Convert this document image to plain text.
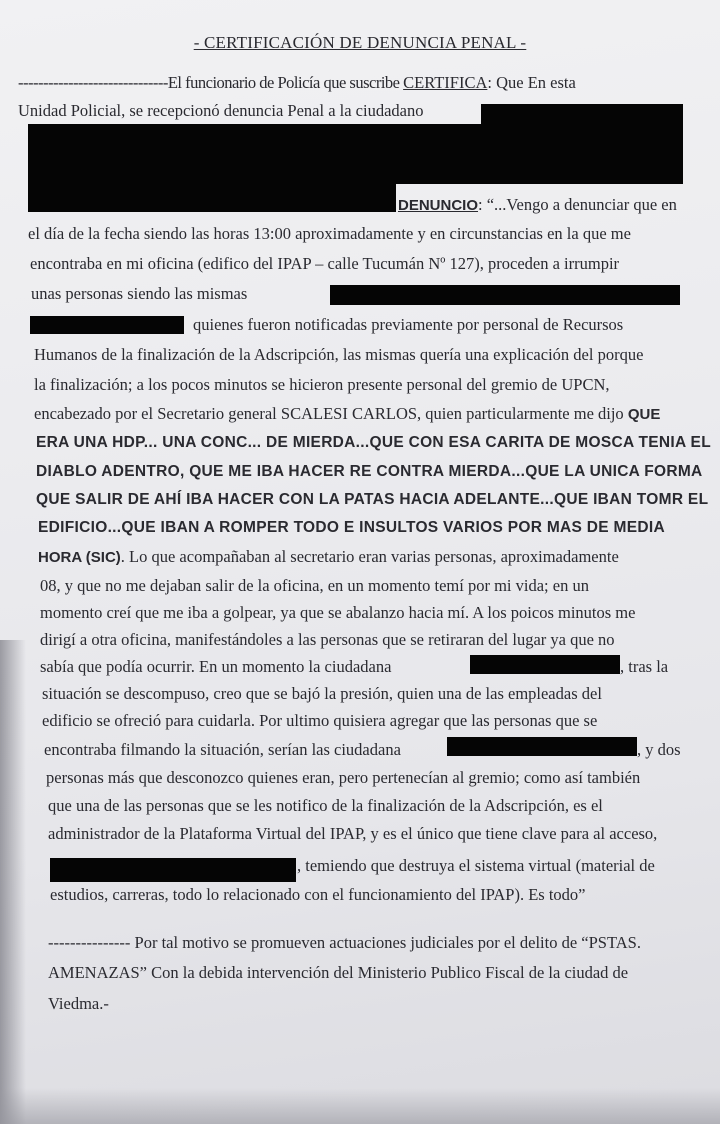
- CERTIFICACIÓN DE DENUNCIA PENAL -
------------------------------El funcionario de Policía que suscribe CERTIFICA: Que En esta
Unidad Policial, se recepcionó denuncia Penal a la ciudadano
DENUNCIO: “...Vengo a denunciar que en
el día de la fecha siendo las horas 13:00 aproximadamente y en circunstancias en la que me
encontraba en mi oficina (edifico del IPAP – calle Tucumán Nº 127), proceden a irrumpir
unas personas siendo las mismas
quienes fueron notificadas previamente por personal de Recursos
Humanos de la finalización de la Adscripción, las mismas quería una explicación del porque
la finalización; a los pocos minutos se hicieron presente personal del gremio de UPCN,
encabezado por el Secretario general SCALESI CARLOS, quien particularmente me dijo QUE
ERA UNA HDP... UNA CONC... DE MIERDA...QUE CON ESA CARITA DE MOSCA TENIA EL
DIABLO ADENTRO, QUE ME IBA HACER RE CONTRA MIERDA...QUE LA UNICA FORMA
QUE SALIR DE AHÍ IBA HACER CON LA PATAS HACIA ADELANTE...QUE IBAN TOMR EL
EDIFICIO...QUE IBAN A ROMPER TODO E INSULTOS VARIOS POR MAS DE MEDIA
HORA (SIC). Lo que acompañaban al secretario eran varias personas, aproximadamente
08, y que no me dejaban salir de la oficina, en un momento temí por mi vida; en un
momento creí que me iba a golpear, ya que se abalanzo hacia mí. A los poicos minutos me
dirigí a otra oficina, manifestándoles a las personas que se retiraran del lugar ya que no
sabía que podía ocurrir. En un momento la ciudadana	, tras la
situación se descompuso, creo que se bajó la presión, quien una de las empleadas del
edificio se ofreció para cuidarla. Por ultimo quisiera agregar que las personas que se
encontraba filmando la situación, serían las ciudadana	, y dos
personas más que desconozco quienes eran, pero pertenecían al gremio; como así también
que una de las personas que se les notifico de la finalización de la Adscripción, es el
administrador de la Plataforma Virtual del IPAP, y es el único que tiene clave para al acceso,
, temiendo que destruya el sistema virtual (material de
estudios, carreras, todo lo relacionado con el funcionamiento del IPAP). Es todo”
--------------- Por tal motivo se promueven actuaciones judiciales por el delito de “PSTAS.
AMENAZAS” Con la debida intervención del Ministerio Publico Fiscal de la ciudad de
Viedma.-
